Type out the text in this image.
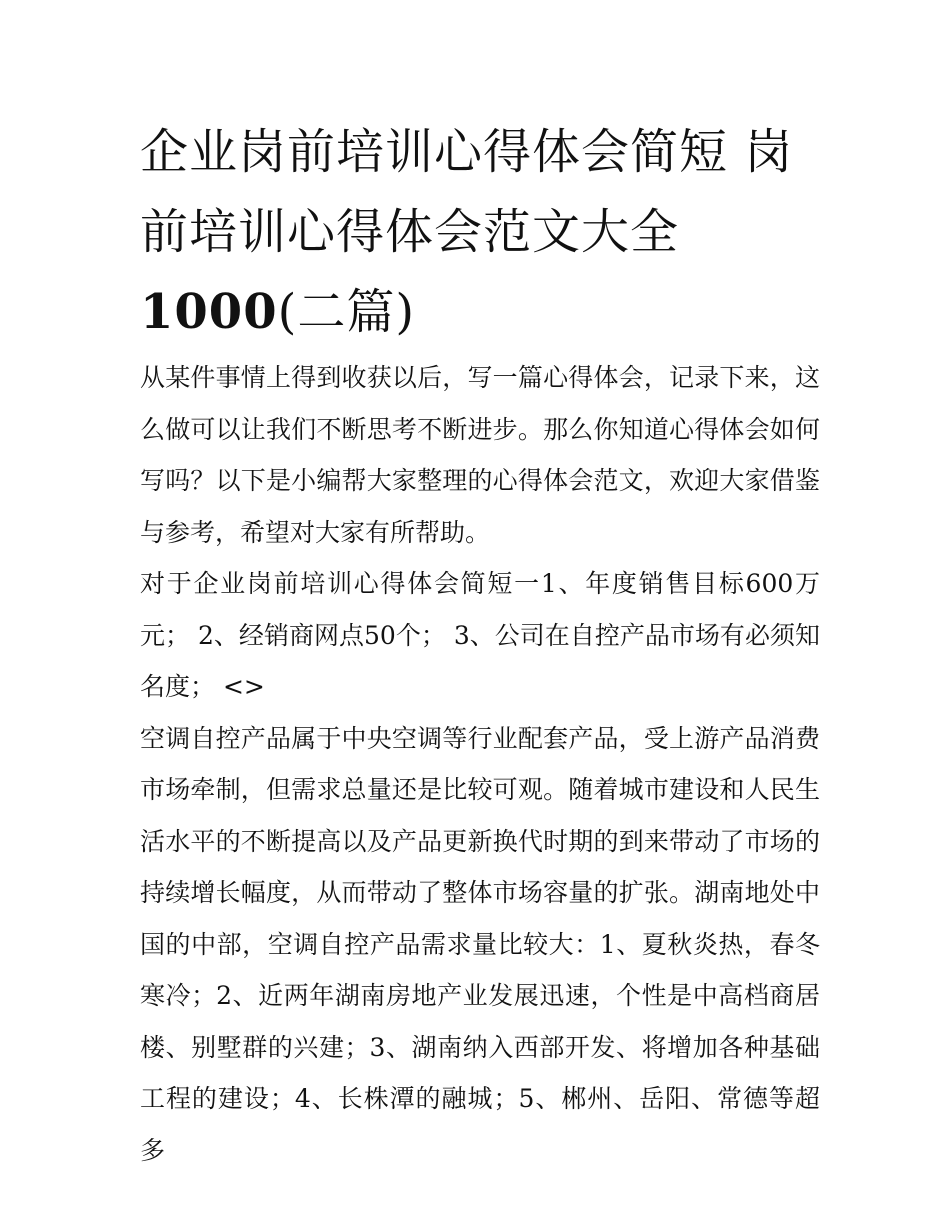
企业岗前培训心得体会简短 岗
前培训心得体会范文大全
1000(二篇)

从某件事情上得到收获以后，写一篇心得体会，记录下来，这么做可以让我们不断思考不断进步。那么你知道心得体会如何写吗？以下是小编帮大家整理的心得体会范文，欢迎大家借鉴与参考，希望对大家有所帮助。

对于企业岗前培训心得体会简短一1、年度销售目标600万元； 2、经销商网点50个； 3、公司在自控产品市场有必须知名度； <>

空调自控产品属于中央空调等行业配套产品，受上游产品消费市场牵制，但需求总量还是比较可观。随着城市建设和人民生活水平的不断提高以及产品更新换代时期的到来带动了市场的持续增长幅度，从而带动了整体市场容量的扩张。湖南地处中国的中部，空调自控产品需求量比较大：1、夏秋炎热，春冬寒冷；2、近两年湖南房地产业发展迅速，个性是中高档商居楼、别墅群的兴建；3、湖南纳入西部开发、将增加各种基础工程的建设；4、长株潭的融城；5、郴州、岳阳、常德等超多
